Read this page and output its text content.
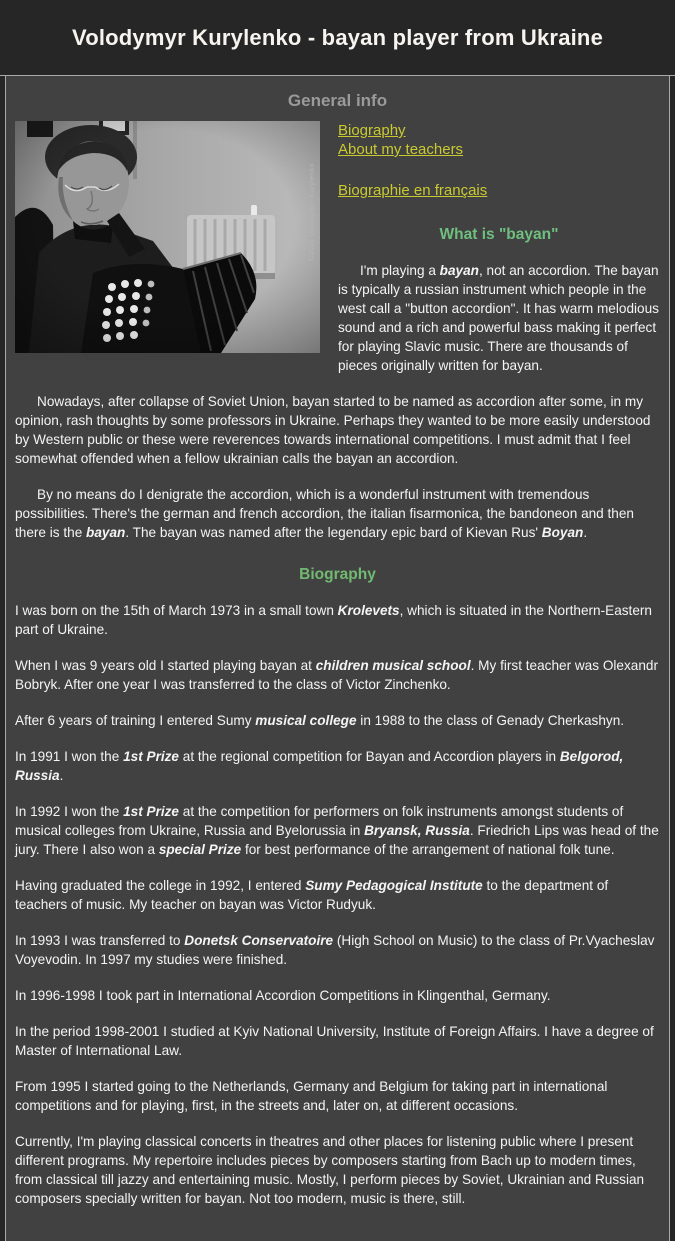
Volodymyr Kurylenko - bayan player from Ukraine
General info
©2011 Volodymyr Kurylenko

Biography
About my teachers

Biographie en français

What is "bayan"

I'm playing a bayan, not an accordion. The bayan is typically a russian instrument which people in the west call a "button accordion". It has warm melodious sound and a rich and powerful bass making it perfect for playing Slavic music. There are thousands of pieces originally written for bayan.

Nowadays, after collapse of Soviet Union, bayan started to be named as accordion after some, in my opinion, rash thoughts by some professors in Ukraine. Perhaps they wanted to be more easily understood by Western public or these were reverences towards international competitions. I must admit that I feel somewhat offended when a fellow ukrainian calls the bayan an accordion.

By no means do I denigrate the accordion, which is a wonderful instrument with tremendous possibilities. There's the german and french accordion, the italian fisarmonica, the bandoneon and then there is the bayan. The bayan was named after the legendary epic bard of Kievan Rus' Boyan.

Biography

I was born on the 15th of March 1973 in a small town Krolevets, which is situated in the Northern-Eastern part of Ukraine.

When I was 9 years old I started playing bayan at children musical school. My first teacher was Olexandr Bobryk. After one year I was transferred to the class of Victor Zinchenko.

After 6 years of training I entered Sumy musical college in 1988 to the class of Genady Cherkashyn.

In 1991 I won the 1st Prize at the regional competition for Bayan and Accordion players in Belgorod, Russia.

In 1992 I won the 1st Prize at the competition for performers on folk instruments amongst students of musical colleges from Ukraine, Russia and Byelorussia in Bryansk, Russia. Friedrich Lips was head of the jury. There I also won a special Prize for best performance of the arrangement of national folk tune.

Having graduated the college in 1992, I entered Sumy Pedagogical Institute to the department of teachers of music. My teacher on bayan was Victor Rudyuk.

In 1993 I was transferred to Donetsk Conservatoire (High School on Music) to the class of Pr.Vyacheslav Voyevodin. In 1997 my studies were finished.

In 1996-1998 I took part in International Accordion Competitions in Klingenthal, Germany.

In the period 1998-2001 I studied at Kyiv National University, Institute of Foreign Affairs. I have a degree of Master of International Law.

From 1995 I started going to the Netherlands, Germany and Belgium for taking part in international competitions and for playing, first, in the streets and, later on, at different occasions.

Currently, I'm playing classical concerts in theatres and other places for listening public where I present different programs. My repertoire includes pieces by composers starting from Bach up to modern times, from classical till jazzy and entertaining music. Mostly, I perform pieces by Soviet, Ukrainian and Russian composers specially written for bayan. Not too modern, music is there, still.
